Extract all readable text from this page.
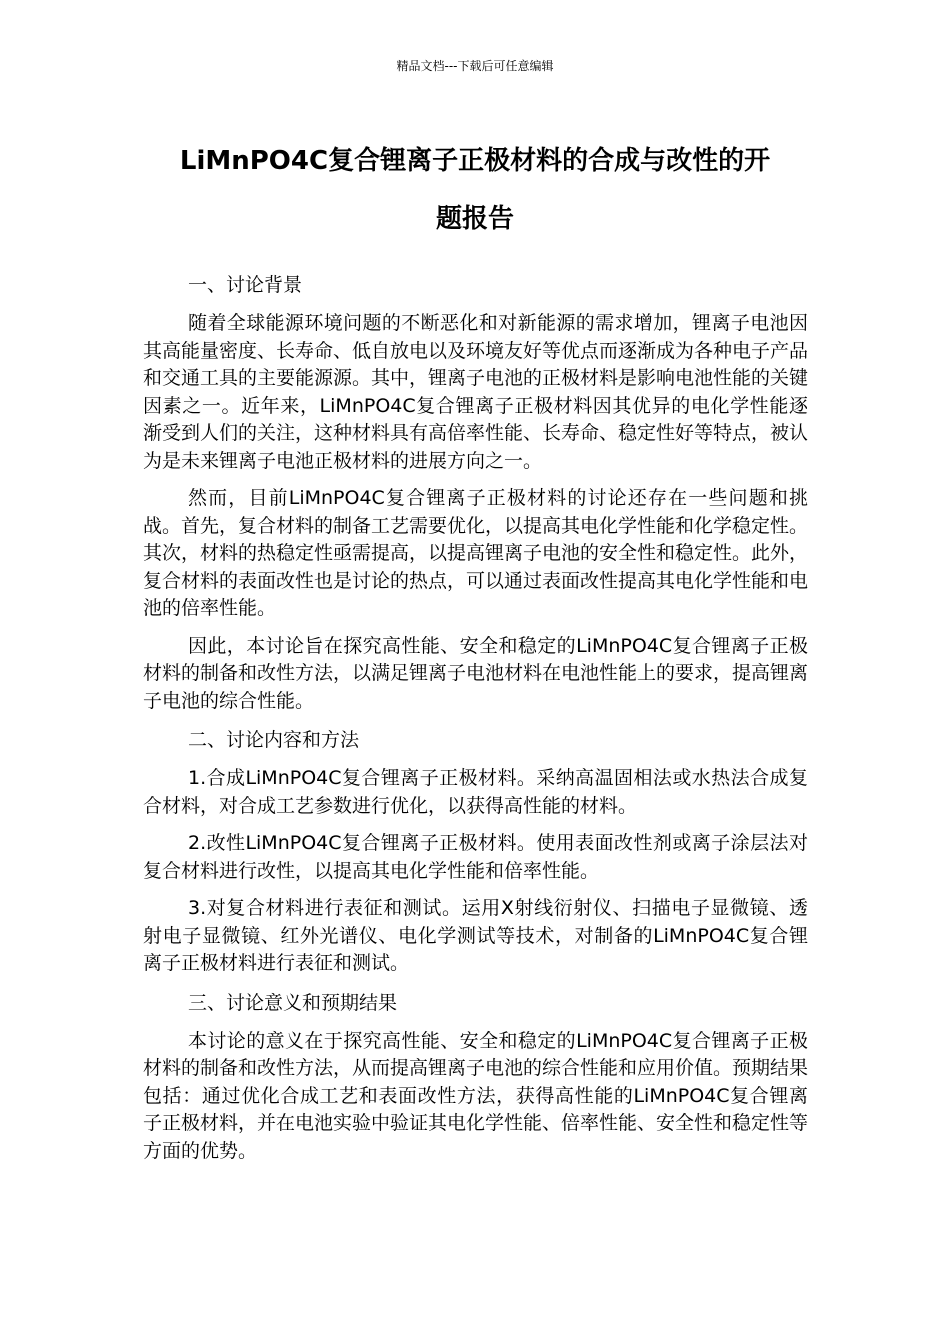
精品文档---下载后可任意编辑
LiMnPO4C复合锂离子正极材料的合成与改性的开
题报告

一、讨论背景

随着全球能源环境问题的不断恶化和对新能源的需求增加，锂离子电池因其高能量密度、长寿命、低自放电以及环境友好等优点而逐渐成为各种电子产品和交通工具的主要能源源。其中，锂离子电池的正极材料是影响电池性能的关键因素之一。近年来，LiMnPO4C复合锂离子正极材料因其优异的电化学性能逐渐受到人们的关注，这种材料具有高倍率性能、长寿命、稳定性好等特点，被认为是未来锂离子电池正极材料的进展方向之一。

然而，目前LiMnPO4C复合锂离子正极材料的讨论还存在一些问题和挑战。首先，复合材料的制备工艺需要优化，以提高其电化学性能和化学稳定性。其次，材料的热稳定性亟需提高，以提高锂离子电池的安全性和稳定性。此外，复合材料的表面改性也是讨论的热点，可以通过表面改性提高其电化学性能和电池的倍率性能。

因此，本讨论旨在探究高性能、安全和稳定的LiMnPO4C复合锂离子正极材料的制备和改性方法，以满足锂离子电池材料在电池性能上的要求，提高锂离子电池的综合性能。

二、讨论内容和方法

1.合成LiMnPO4C复合锂离子正极材料。采纳高温固相法或水热法合成复合材料，对合成工艺参数进行优化，以获得高性能的材料。

2.改性LiMnPO4C复合锂离子正极材料。使用表面改性剂或离子涂层法对复合材料进行改性，以提高其电化学性能和倍率性能。

3.对复合材料进行表征和测试。运用X射线衍射仪、扫描电子显微镜、透射电子显微镜、红外光谱仪、电化学测试等技术，对制备的LiMnPO4C复合锂离子正极材料进行表征和测试。

三、讨论意义和预期结果

本讨论的意义在于探究高性能、安全和稳定的LiMnPO4C复合锂离子正极材料的制备和改性方法，从而提高锂离子电池的综合性能和应用价值。预期结果包括：通过优化合成工艺和表面改性方法，获得高性能的LiMnPO4C复合锂离子正极材料，并在电池实验中验证其电化学性能、倍率性能、安全性和稳定性等方面的优势。
